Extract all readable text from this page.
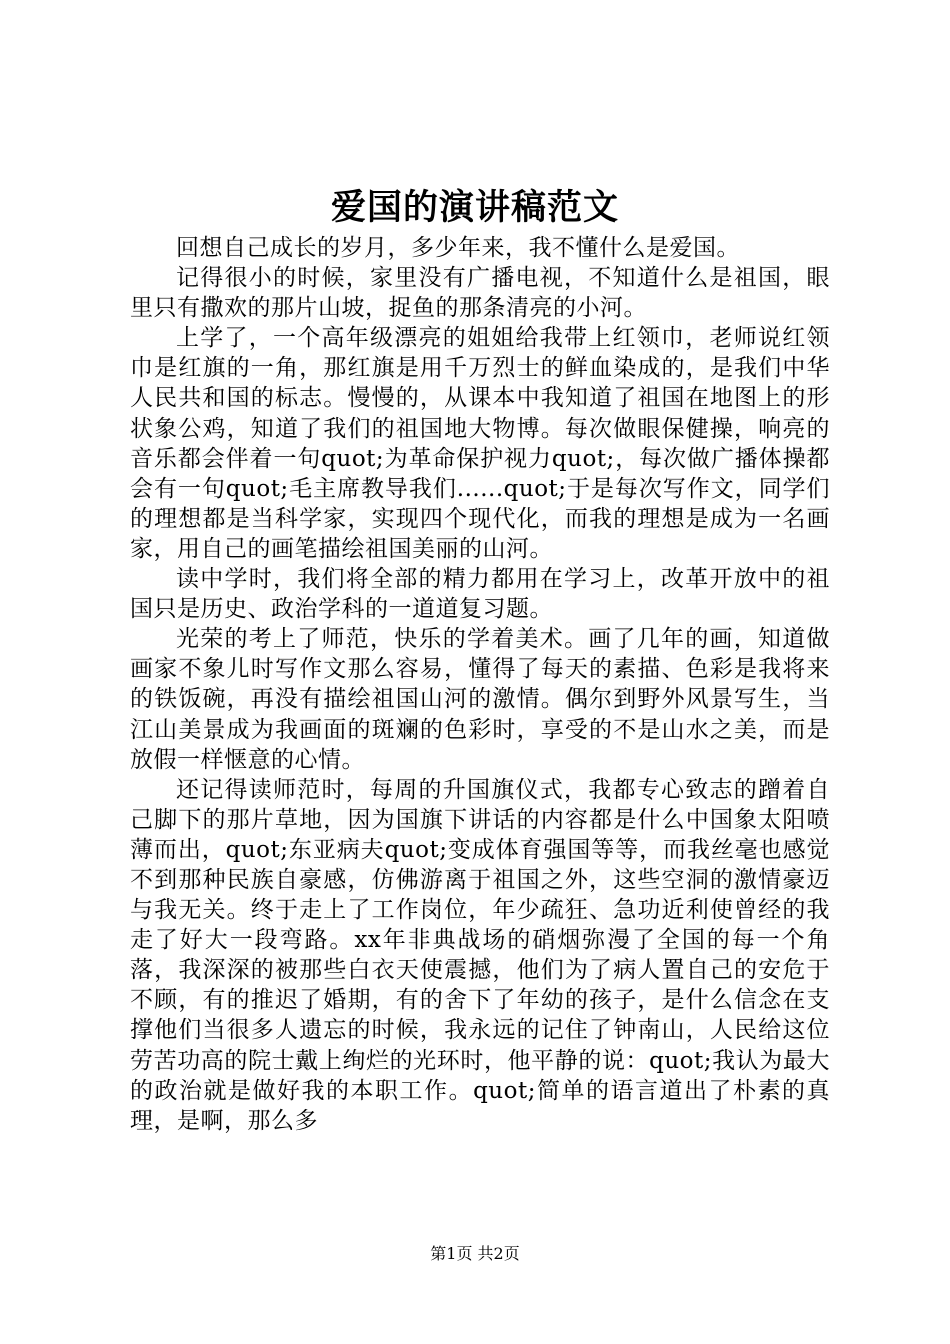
爱国的演讲稿范文

回想自己成长的岁月，多少年来，我不懂什么是爱国。

记得很小的时候，家里没有广播电视，不知道什么是祖国，眼里只有撒欢的那片山坡，捉鱼的那条清亮的小河。

上学了，一个高年级漂亮的姐姐给我带上红领巾，老师说红领巾是红旗的一角，那红旗是用千万烈士的鲜血染成的，是我们中华人民共和国的标志。慢慢的，从课本中我知道了祖国在地图上的形状象公鸡，知道了我们的祖国地大物博。每次做眼保健操，响亮的音乐都会伴着一句quot;为革命保护视力quot;，每次做广播体操都会有一句quot;毛主席教导我们......quot;于是每次写作文，同学们的理想都是当科学家，实现四个现代化，而我的理想是成为一名画家，用自己的画笔描绘祖国美丽的山河。

读中学时，我们将全部的精力都用在学习上，改革开放中的祖国只是历史、政治学科的一道道复习题。

光荣的考上了师范，快乐的学着美术。画了几年的画，知道做画家不象儿时写作文那么容易，懂得了每天的素描、色彩是我将来的铁饭碗，再没有描绘祖国山河的激情。偶尔到野外风景写生，当江山美景成为我画面的斑斓的色彩时，享受的不是山水之美，而是放假一样惬意的心情。

还记得读师范时，每周的升国旗仪式，我都专心致志的蹭着自己脚下的那片草地，因为国旗下讲话的内容都是什么中国象太阳喷薄而出，quot;东亚病夫quot;变成体育强国等等，而我丝毫也感觉不到那种民族自豪感，仿佛游离于祖国之外，这些空洞的激情豪迈与我无关。终于走上了工作岗位，年少疏狂、急功近利使曾经的我走了好大一段弯路。xx年非典战场的硝烟弥漫了全国的每一个角落，我深深的被那些白衣天使震撼，他们为了病人置自己的安危于不顾，有的推迟了婚期，有的舍下了年幼的孩子，是什么信念在支撑他们当很多人遗忘的时候，我永远的记住了钟南山，人民给这位劳苦功高的院士戴上绚烂的光环时，他平静的说：quot;我认为最大的政治就是做好我的本职工作。quot;简单的语言道出了朴素的真理，是啊，那么多

第1页 共2页
